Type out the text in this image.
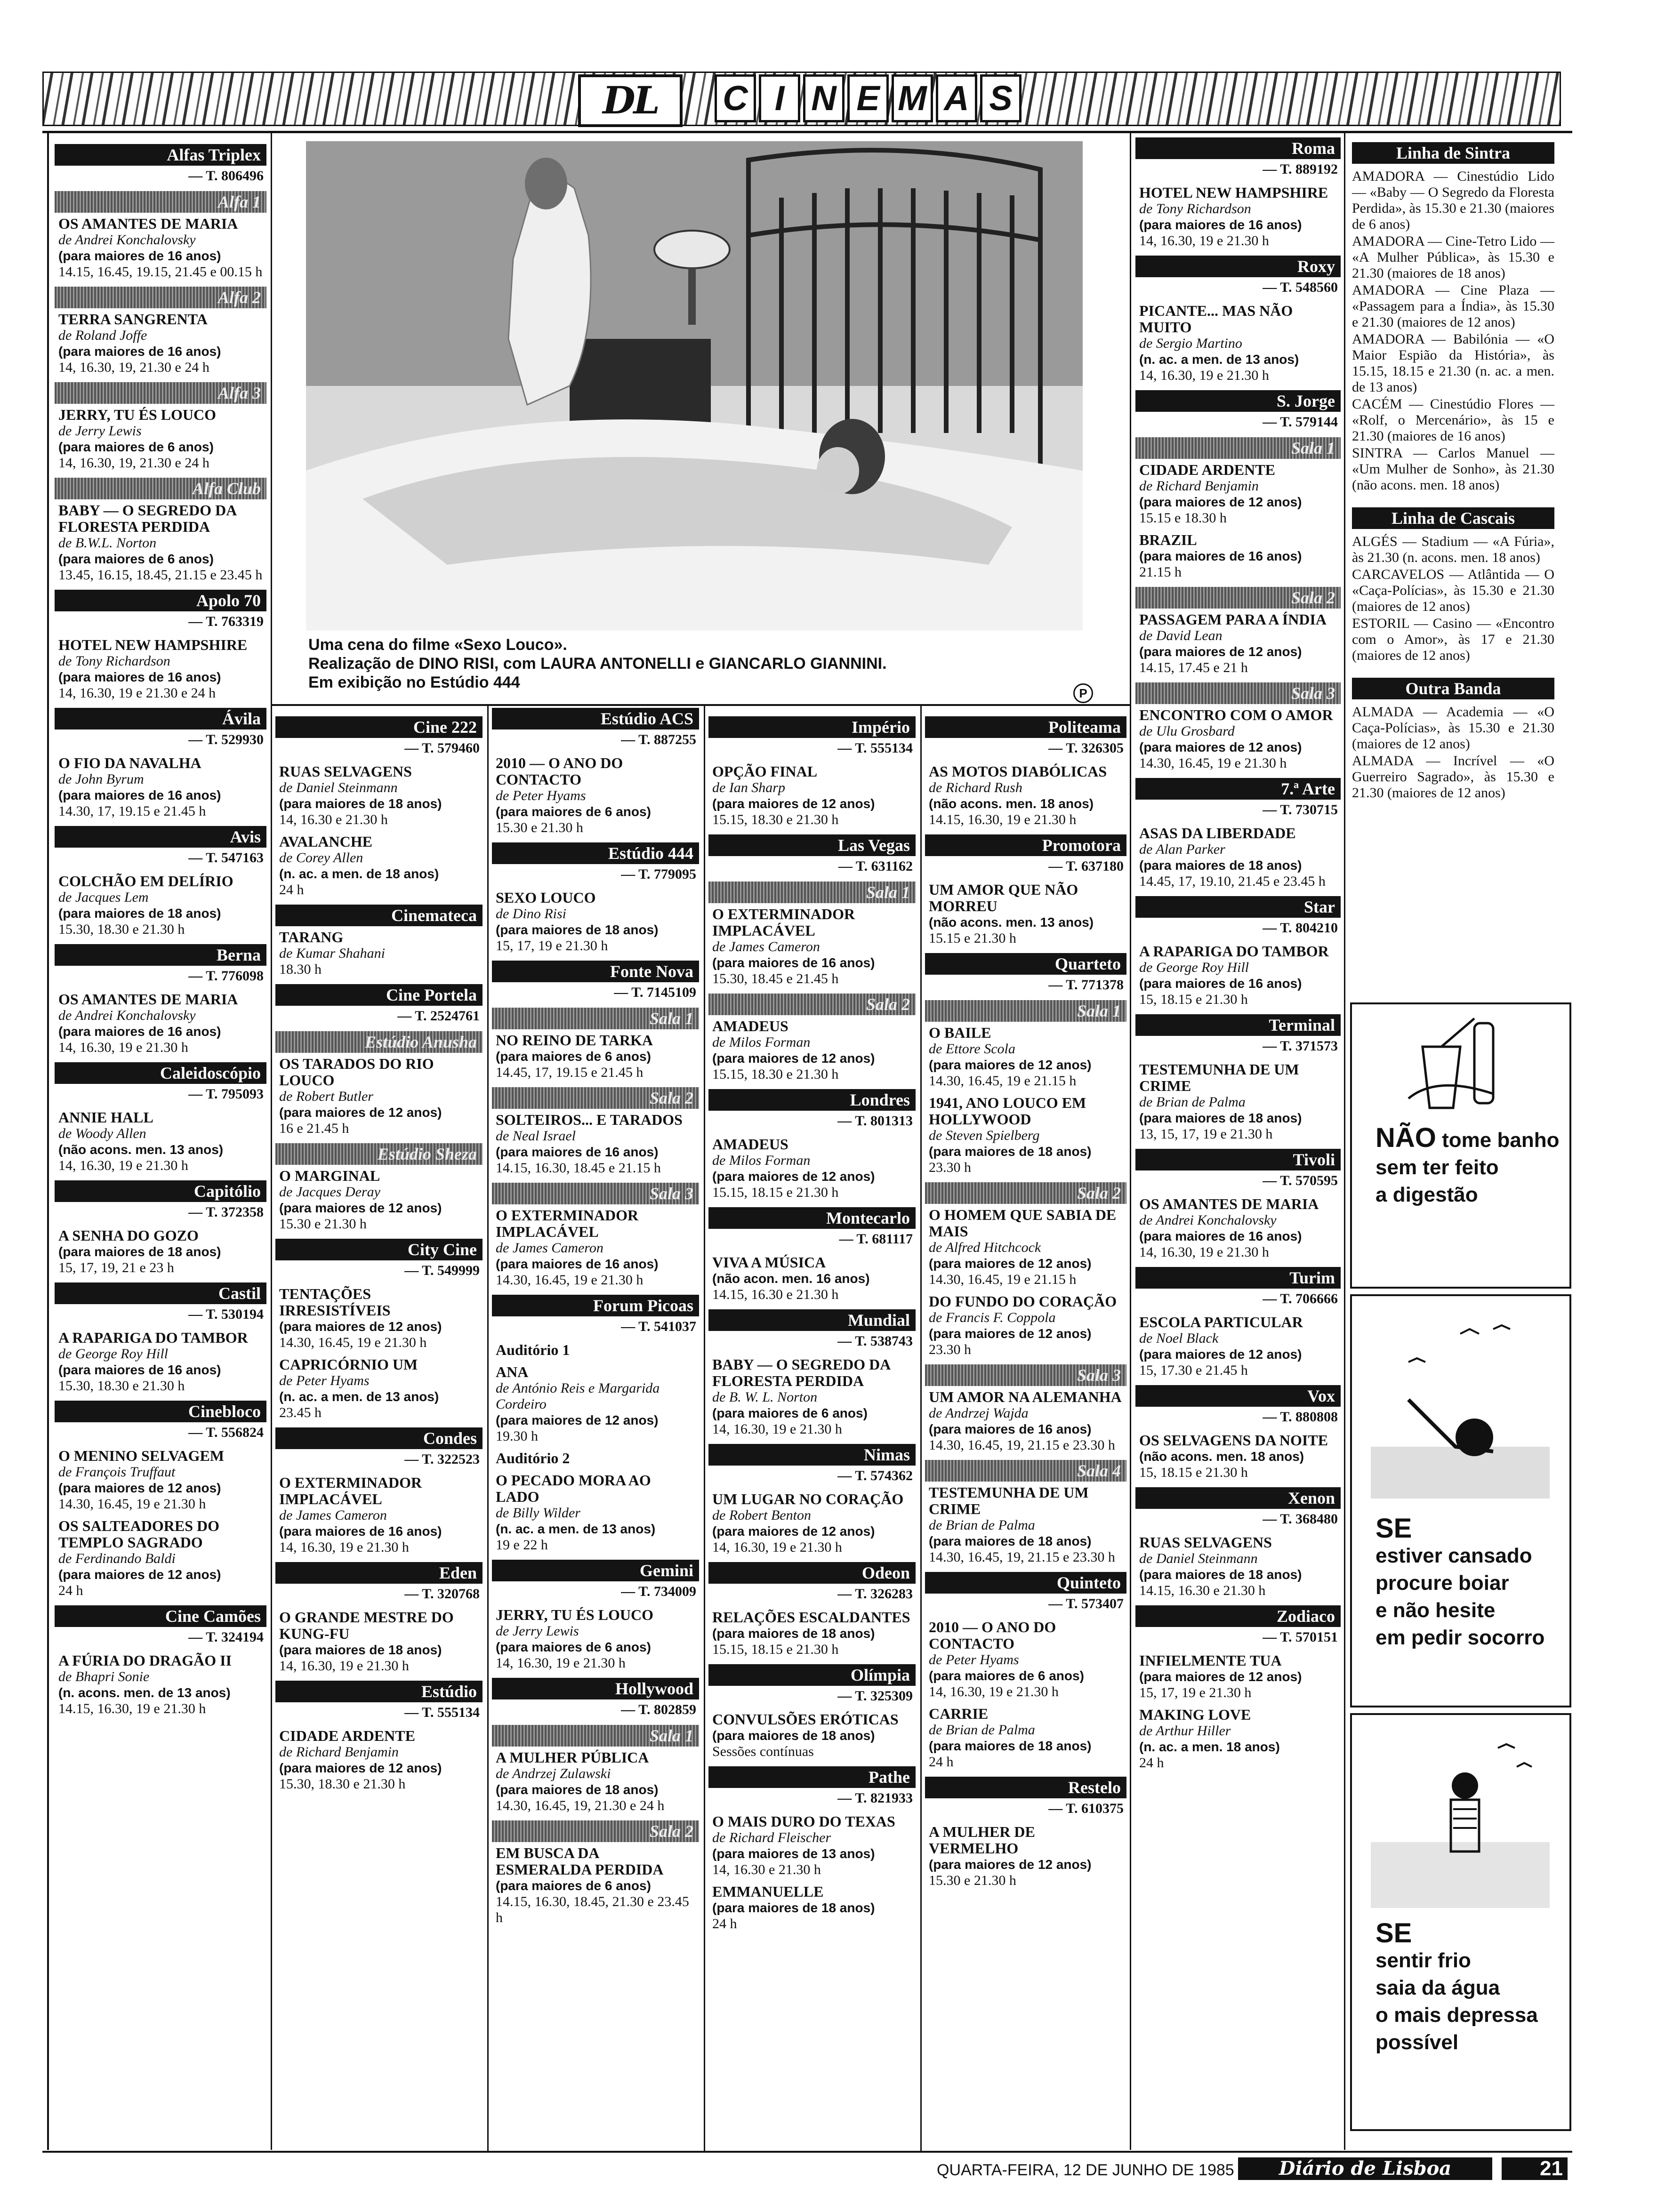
DL	C I N E M A S
Uma cena do filme «Sexo Louco».
Realização de DINO RISI, com LAURA ANTONELLI e GIANCARLO GIANNINI.
Em exibição no Estúdio 444
P
Alfas Triplex
— T. 806496
Alfa 1
OS AMANTES DE MARIA
de Andrei Konchalovsky
(para maiores de 16 anos)
14.15, 16.45, 19.15, 21.45 e 00.15 h
Alfa 2
TERRA SANGRENTA
de Roland Joffe
(para maiores de 16 anos)
14, 16.30, 19, 21.30 e 24 h
Alfa 3
JERRY, TU ÉS LOUCO
de Jerry Lewis
(para maiores de 6 anos)
14, 16.30, 19, 21.30 e 24 h
Alfa Club
BABY — O SEGREDO DA FLORESTA PERDIDA
de B.W.L. Norton
(para maiores de 6 anos)
13.45, 16.15, 18.45, 21.15 e 23.45 h
Apolo 70
— T. 763319
HOTEL NEW HAMPSHIRE
de Tony Richardson
(para maiores de 16 anos)
14, 16.30, 19 e 21.30 e 24 h
Ávila
— T. 529930
O FIO DA NAVALHA
de John Byrum
(para maiores de 16 anos)
14.30, 17, 19.15 e 21.45 h
Avis
— T. 547163
COLCHÃO EM DELÍRIO
de Jacques Lem
(para maiores de 18 anos)
15.30, 18.30 e 21.30 h
Berna
— T. 776098
OS AMANTES DE MARIA
de Andrei Konchalovsky
(para maiores de 16 anos)
14, 16.30, 19 e 21.30 h
Caleidoscópio
— T. 795093
ANNIE HALL
de Woody Allen
(não acons. men. 13 anos)
14, 16.30, 19 e 21.30 h
Capitólio
— T. 372358
A SENHA DO GOZO
(para maiores de 18 anos)
15, 17, 19, 21 e 23 h
Castil
— T. 530194
A RAPARIGA DO TAMBOR
de George Roy Hill
(para maiores de 16 anos)
15.30, 18.30 e 21.30 h
Cinebloco
— T. 556824
O MENINO SELVAGEM
de François Truffaut
(para maiores de 12 anos)
14.30, 16.45, 19 e 21.30 h
OS SALTEADORES DO TEMPLO SAGRADO
de Ferdinando Baldi
(para maiores de 12 anos)
24 h
Cine Camões
— T. 324194
A FÚRIA DO DRAGÃO II
de Bhapri Sonie
(n. acons. men. de 13 anos)
14.15, 16.30, 19 e 21.30 h
Cine 222
— T. 579460
RUAS SELVAGENS
de Daniel Steinmann
(para maiores de 18 anos)
14, 16.30 e 21.30 h
AVALANCHE
de Corey Allen
(n. ac. a men. de 18 anos)
24 h
Cinemateca
TARANG
de Kumar Shahani
18.30 h
Cine Portela
— T. 2524761
Estúdio Anusha
OS TARADOS DO RIO LOUCO
de Robert Butler
(para maiores de 12 anos)
16 e 21.45 h
Estúdio Sheza
O MARGINAL
de Jacques Deray
(para maiores de 12 anos)
15.30 e 21.30 h
City Cine
— T. 549999
TENTAÇÕES IRRESISTÍVEIS
(para maiores de 12 anos)
14.30, 16.45, 19 e 21.30 h
CAPRICÓRNIO UM
de Peter Hyams
(n. ac. a men. de 13 anos)
23.45 h
Condes
— T. 322523
O EXTERMINADOR IMPLACÁVEL
de James Cameron
(para maiores de 16 anos)
14, 16.30, 19 e 21.30 h
Eden
— T. 320768
O GRANDE MESTRE DO KUNG-FU
(para maiores de 18 anos)
14, 16.30, 19 e 21.30 h
Estúdio
— T. 555134
CIDADE ARDENTE
de Richard Benjamin
(para maiores de 12 anos)
15.30, 18.30 e 21.30 h
Estúdio ACS
— T. 887255
2010 — O ANO DO CONTACTO
de Peter Hyams
(para maiores de 6 anos)
15.30 e 21.30 h
Estúdio 444
— T. 779095
SEXO LOUCO
de Dino Risi
(para maiores de 18 anos)
15, 17, 19 e 21.30 h
Fonte Nova
— T. 7145109
Sala 1
NO REINO DE TARKA
(para maiores de 6 anos)
14.45, 17, 19.15 e 21.45 h
Sala 2
SOLTEIROS... E TARADOS
de Neal Israel
(para maiores de 16 anos)
14.15, 16.30, 18.45 e 21.15 h
Sala 3
O EXTERMINADOR IMPLACÁVEL
de James Cameron
(para maiores de 16 anos)
14.30, 16.45, 19 e 21.30 h
Forum Picoas
— T. 541037
Auditório 1
ANA
de António Reis e Margarida Cordeiro
(para maiores de 12 anos)
19.30 h
Auditório 2
O PECADO MORA AO LADO
de Billy Wilder
(n. ac. a men. de 13 anos)
19 e 22 h
Gemini
— T. 734009
JERRY, TU ÉS LOUCO
de Jerry Lewis
(para maiores de 6 anos)
14, 16.30, 19 e 21.30 h
Hollywood
— T. 802859
Sala 1
A MULHER PÚBLICA
de Andrzej Zulawski
(para maiores de 18 anos)
14.30, 16.45, 19, 21.30 e 24 h
Sala 2
EM BUSCA DA ESMERALDA PERDIDA
(para maiores de 6 anos)
14.15, 16.30, 18.45, 21.30 e 23.45 h
Império
— T. 555134
OPÇÃO FINAL
de Ian Sharp
(para maiores de 12 anos)
15.15, 18.30 e 21.30 h
Las Vegas
— T. 631162
Sala 1
O EXTERMINADOR IMPLACÁVEL
de James Cameron
(para maiores de 16 anos)
15.30, 18.45 e 21.45 h
Sala 2
AMADEUS
de Milos Forman
(para maiores de 12 anos)
15.15, 18.30 e 21.30 h
Londres
— T. 801313
AMADEUS
de Milos Forman
(para maiores de 12 anos)
15.15, 18.15 e 21.30 h
Montecarlo
— T. 681117
VIVA A MÚSICA
(não acon. men. 16 anos)
14.15, 16.30 e 21.30 h
Mundial
— T. 538743
BABY — O SEGREDO DA FLORESTA PERDIDA
de B. W. L. Norton
(para maiores de 6 anos)
14, 16.30, 19 e 21.30 h
Nimas
— T. 574362
UM LUGAR NO CORAÇÃO
de Robert Benton
(para maiores de 12 anos)
14, 16.30, 19 e 21.30 h
Odeon
— T. 326283
RELAÇÕES ESCALDANTES
(para maiores de 18 anos)
15.15, 18.15 e 21.30 h
Olímpia
— T. 325309
CONVULSÕES ERÓTICAS
(para maiores de 18 anos)
Sessões contínuas
Pathe
— T. 821933
O MAIS DURO DO TEXAS
de Richard Fleischer
(para maiores de 13 anos)
14, 16.30 e 21.30 h
EMMANUELLE
(para maiores de 18 anos)
24 h
Politeama
— T. 326305
AS MOTOS DIABÓLICAS
de Richard Rush
(não acons. men. 18 anos)
14.15, 16.30, 19 e 21.30 h
Promotora
— T. 637180
UM AMOR QUE NÃO MORREU
(não acons. men. 13 anos)
15.15 e 21.30 h
Quarteto
— T. 771378
Sala 1
O BAILE
de Ettore Scola
(para maiores de 12 anos)
14.30, 16.45, 19 e 21.15 h
1941, ANO LOUCO EM HOLLYWOOD
de Steven Spielberg
(para maiores de 18 anos)
23.30 h
Sala 2
O HOMEM QUE SABIA DE MAIS
de Alfred Hitchcock
(para maiores de 12 anos)
14.30, 16.45, 19 e 21.15 h
DO FUNDO DO CORAÇÃO
de Francis F. Coppola
(para maiores de 12 anos)
23.30 h
Sala 3
UM AMOR NA ALEMANHA
de Andrzej Wajda
(para maiores de 16 anos)
14.30, 16.45, 19, 21.15 e 23.30 h
Sala 4
TESTEMUNHA DE UM CRIME
de Brian de Palma
(para maiores de 18 anos)
14.30, 16.45, 19, 21.15 e 23.30 h
Quinteto
— T. 573407
2010 — O ANO DO CONTACTO
de Peter Hyams
(para maiores de 6 anos)
14, 16.30, 19 e 21.30 h
CARRIE
de Brian de Palma
(para maiores de 18 anos)
24 h
Restelo
— T. 610375
A MULHER DE VERMELHO
(para maiores de 12 anos)
15.30 e 21.30 h
Roma
— T. 889192
HOTEL NEW HAMPSHIRE
de Tony Richardson
(para maiores de 16 anos)
14, 16.30, 19 e 21.30 h
Roxy
— T. 548560
PICANTE... MAS NÃO MUITO
de Sergio Martino
(n. ac. a men. de 13 anos)
14, 16.30, 19 e 21.30 h
S. Jorge
— T. 579144
Sala 1
CIDADE ARDENTE
de Richard Benjamin
(para maiores de 12 anos)
15.15 e 18.30 h
BRAZIL
(para maiores de 16 anos)
21.15 h
Sala 2
PASSAGEM PARA A ÍNDIA
de David Lean
(para maiores de 12 anos)
14.15, 17.45 e 21 h
Sala 3
ENCONTRO COM O AMOR
de Ulu Grosbard
(para maiores de 12 anos)
14.30, 16.45, 19 e 21.30 h
7.ª Arte
— T. 730715
ASAS DA LIBERDADE
de Alan Parker
(para maiores de 18 anos)
14.45, 17, 19.10, 21.45 e 23.45 h
Star
— T. 804210
A RAPARIGA DO TAMBOR
de George Roy Hill
(para maiores de 16 anos)
15, 18.15 e 21.30 h
Terminal
— T. 371573
TESTEMUNHA DE UM CRIME
de Brian de Palma
(para maiores de 18 anos)
13, 15, 17, 19 e 21.30 h
Tivoli
— T. 570595
OS AMANTES DE MARIA
de Andrei Konchalovsky
(para maiores de 16 anos)
14, 16.30, 19 e 21.30 h
Turim
— T. 706666
ESCOLA PARTICULAR
de Noel Black
(para maiores de 12 anos)
15, 17.30 e 21.45 h
Vox
— T. 880808
OS SELVAGENS DA NOITE
(não acons. men. 18 anos)
15, 18.15 e 21.30 h
Xenon
— T. 368480
RUAS SELVAGENS
de Daniel Steinmann
(para maiores de 18 anos)
14.15, 16.30 e 21.30 h
Zodiaco
— T. 570151
INFIELMENTE TUA
(para maiores de 12 anos)
15, 17, 19 e 21.30 h
MAKING LOVE
de Arthur Hiller
(n. ac. a men. 18 anos)
24 h
Linha de Sintra

AMADORA — Cinestúdio Lido — «Baby — O Segredo da Floresta Perdida», às 15.30 e 21.30 (maiores de 6 anos)

AMADORA — Cine-Tetro Lido — «A Mulher Pública», às 15.30 e 21.30 (maiores de 18 anos)

AMADORA — Cine Plaza — «Passagem para a Índia», às 15.30 e 21.30 (maiores de 12 anos)

AMADORA — Babilónia — «O Maior Espião da História», às 15.15, 18.15 e 21.30 (n. ac. a men. de 13 anos)

CACÉM — Cinestúdio Flores — «Rolf, o Mercenário», às 15 e 21.30 (maiores de 16 anos)

SINTRA — Carlos Manuel — «Um Mulher de Sonho», às 21.30 (não acons. men. 18 anos)

Linha de Cascais

ALGÉS — Stadium — «A Fúria», às 21.30 (n. acons. men. 18 anos)

CARCAVELOS — Atlântida — O «Caça-Polícias», às 15.30 e 21.30 (maiores de 12 anos)

ESTORIL — Casino — «Encontro com o Amor», às 17 e 21.30 (maiores de 12 anos)

Outra Banda

ALMADA — Academia — «O Caça-Polícias», às 15.30 e 21.30 (maiores de 12 anos)

ALMADA — Incrível — «O Guerreiro Sagrado», às 15.30 e 21.30 (maiores de 12 anos)

NÃO tome banho
sem ter feito
a digestão
SE
estiver cansado
procure boiar
e não hesite
em pedir socorro
SE
sentir frio
saia da água
o mais depressa
possível
QUARTA-FEIRA, 12 DE JUNHO DE 1985	Diário de Lisboa	21
